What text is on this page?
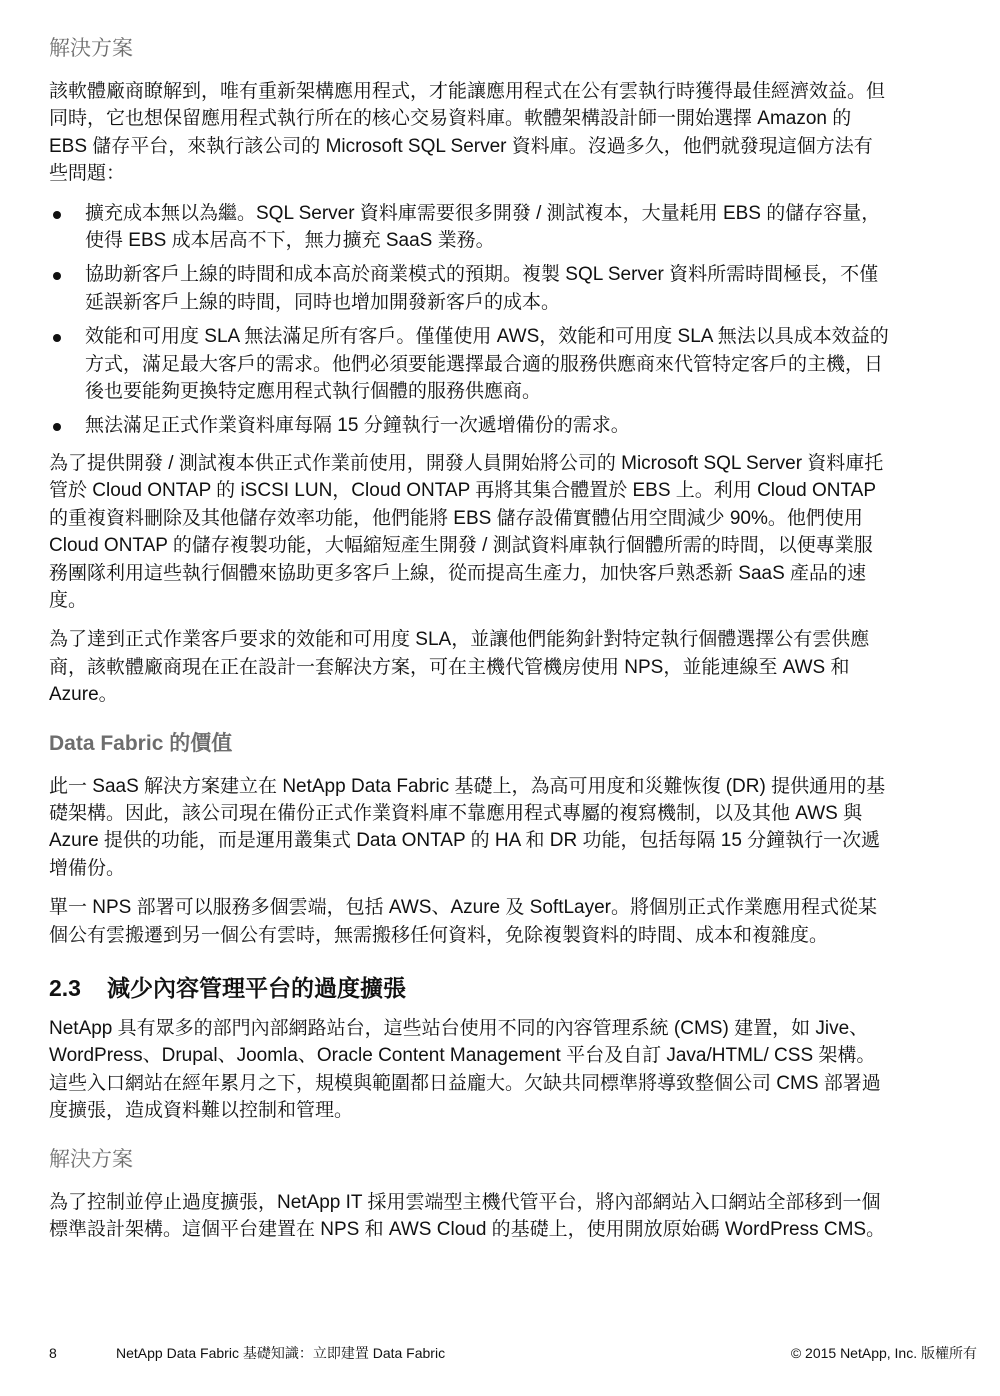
解決方案

該軟體廠商瞭解到，唯有重新架構應用程式，才能讓應用程式在公有雲執行時獲得最佳經濟效益。但同時，它也想保留應用程式執行所在的核心交易資料庫。軟體架構設計師一開始選擇 Amazon 的 EBS 儲存平台，來執行該公司的 Microsoft SQL Server 資料庫。沒過多久，他們就發現這個方法有些問題：

擴充成本無以為繼。SQL Server 資料庫需要很多開發 / 測試複本，大量耗用 EBS 的儲存容量，使得 EBS 成本居高不下，無力擴充 SaaS 業務。
協助新客戶上線的時間和成本高於商業模式的預期。複製 SQL Server 資料所需時間極長，不僅延誤新客戶上線的時間，同時也增加開發新客戶的成本。
效能和可用度 SLA 無法滿足所有客戶。僅僅使用 AWS，效能和可用度 SLA 無法以具成本效益的方式，滿足最大客戶的需求。他們必須要能選擇最合適的服務供應商來代管特定客戶的主機，日後也要能夠更換特定應用程式執行個體的服務供應商。
無法滿足正式作業資料庫每隔 15 分鐘執行一次遞增備份的需求。

為了提供開發 / 測試複本供正式作業前使用，開發人員開始將公司的 Microsoft SQL Server 資料庫托管於 Cloud ONTAP 的 iSCSI LUN，Cloud ONTAP 再將其集合體置於 EBS 上。利用 Cloud ONTAP 的重複資料刪除及其他儲存效率功能，他們能將 EBS 儲存設備實體佔用空間減少 90%。他們使用 Cloud ONTAP 的儲存複製功能，大幅縮短產生開發 / 測試資料庫執行個體所需的時間，以便專業服務團隊利用這些執行個體來協助更多客戶上線，從而提高生產力，加快客戶熟悉新 SaaS 產品的速度。

為了達到正式作業客戶要求的效能和可用度 SLA，並讓他們能夠針對特定執行個體選擇公有雲供應商，該軟體廠商現在正在設計一套解決方案，可在主機代管機房使用 NPS，並能連線至 AWS 和 Azure。

Data Fabric 的價值

此一 SaaS 解決方案建立在 NetApp Data Fabric 基礎上，為高可用度和災難恢復 (DR) 提供通用的基礎架構。因此，該公司現在備份正式作業資料庫不靠應用程式專屬的複寫機制，以及其他 AWS 與 Azure 提供的功能，而是運用叢集式 Data ONTAP 的 HA 和 DR 功能，包括每隔 15 分鐘執行一次遞增備份。

單一 NPS 部署可以服務多個雲端，包括 AWS、Azure 及 SoftLayer。將個別正式作業應用程式從某個公有雲搬遷到另一個公有雲時，無需搬移任何資料，免除複製資料的時間、成本和複雜度。

2.3	減少內容管理平台的過度擴張

NetApp 具有眾多的部門內部網路站台，這些站台使用不同的內容管理系統 (CMS) 建置，如 Jive、WordPress、Drupal、Joomla、Oracle Content Management 平台及自訂 Java/HTML/ CSS 架構。這些入口網站在經年累月之下，規模與範圍都日益龐大。欠缺共同標準將導致整個公司 CMS 部署過度擴張，造成資料難以控制和管理。

解決方案

為了控制並停止過度擴張，NetApp IT 採用雲端型主機代管平台，將內部網站入口網站全部移到一個標準設計架構。這個平台建置在 NPS 和 AWS Cloud 的基礎上，使用開放原始碼 WordPress CMS。

8	NetApp Data Fabric 基礎知識：立即建置 Data Fabric	© 2015 NetApp, Inc. 版權所有
